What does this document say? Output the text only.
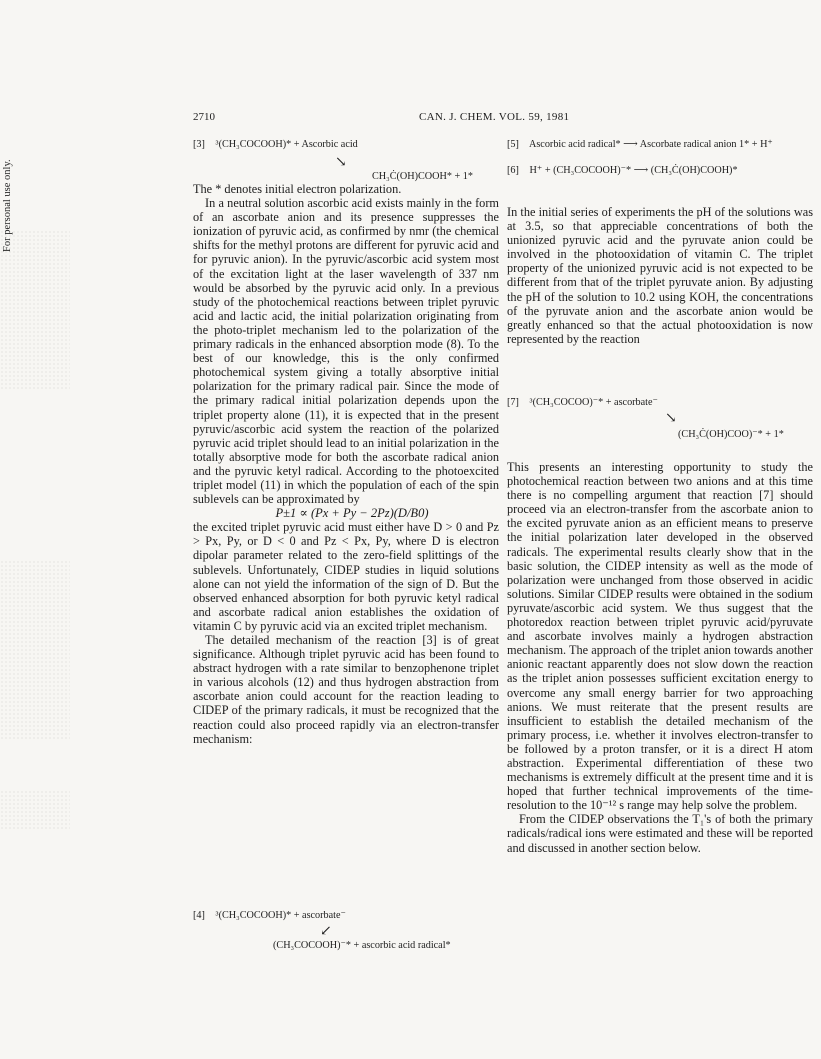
For personal use only.
2710	CAN. J. CHEM. VOL. 59, 1981
[3] ³(CH₃COCOOH)* + Ascorbic acid
↘
CH₃Ċ(OH)COOH* + 1*

The * denotes initial electron polarization.

In a neutral solution ascorbic acid exists mainly in the form of an ascorbate anion and its presence suppresses the ionization of pyruvic acid, as confirmed by nmr (the chemical shifts for the methyl protons are different for pyruvic acid and for pyruvic anion). In the pyruvic/ascorbic acid system most of the excitation light at the laser wavelength of 337 nm would be absorbed by the pyruvic acid only. In a previous study of the photochemical reactions between triplet pyruvic acid and lactic acid, the initial polarization originating from the photo-triplet mechanism led to the polarization of the primary radicals in the enhanced absorption mode (8). To the best of our knowledge, this is the only confirmed photochemical system giving a totally absorptive initial polarization for the primary radical pair. Since the mode of the primary radical initial polarization depends upon the triplet property alone (11), it is expected that in the present pyruvic/ascorbic acid system the reaction of the polarized pyruvic acid triplet should lead to an initial polarization in the totally absorptive mode for both the ascorbate radical anion and the pyruvic ketyl radical. According to the photoexcited triplet model (11) in which the population of each of the spin sublevels can be approximated by

P±1 ∝ (Px + Py − 2Pz)(D/B0)

the excited triplet pyruvic acid must either have D > 0 and Pz > Px, Py, or D < 0 and Pz < Px, Py, where D is electron dipolar parameter related to the zero-field splittings of the sublevels. Unfortunately, CIDEP studies in liquid solutions alone can not yield the information of the sign of D. But the observed enhanced absorption for both pyruvic ketyl radical and ascorbate radical anion establishes the oxidation of vitamin C by pyruvic acid via an excited triplet mechanism.

The detailed mechanism of the reaction [3] is of great significance. Although triplet pyruvic acid has been found to abstract hydrogen with a rate similar to benzophenone triplet in various alcohols (12) and thus hydrogen abstraction from ascorbate anion could account for the reaction leading to CIDEP of the primary radicals, it must be recognized that the reaction could also proceed rapidly via an electron-transfer mechanism:

[4] ³(CH₃COCOOH)* + ascorbate⁻
↙
(CH₃COCOOH)⁻* + ascorbic acid radical*
[5] Ascorbic acid radical* ⟶ Ascorbate radical anion 1* + H⁺
[6] H⁺ + (CH₃COCOOH)⁻* ⟶ (CH₃Ċ(OH)COOH)*

In the initial series of experiments the pH of the solutions was at 3.5, so that appreciable concentrations of both the unionized pyruvic acid and the pyruvate anion could be involved in the photooxidation of vitamin C. The triplet property of the unionized pyruvic acid is not expected to be different from that of the triplet pyruvate anion. By adjusting the pH of the solution to 10.2 using KOH, the concentrations of the pyruvate anion and the ascorbate anion would be greatly enhanced so that the actual photooxidation is now represented by the reaction

[7] ³(CH₃COCOO)⁻* + ascorbate⁻
↘
(CH₃Ċ(OH)COO)⁻* + 1*

This presents an interesting opportunity to study the photochemical reaction between two anions and at this time there is no compelling argument that reaction [7] should proceed via an electron-transfer from the ascorbate anion to the excited pyruvate anion as an efficient means to preserve the initial polarization later developed in the observed radicals. The experimental results clearly show that in the basic solution, the CIDEP intensity as well as the mode of polarization were unchanged from those observed in acidic solutions. Similar CIDEP results were obtained in the sodium pyruvate/ascorbic acid system. We thus suggest that the photoredox reaction between triplet pyruvic acid/pyruvate and ascorbate involves mainly a hydrogen abstraction mechanism. The approach of the triplet anion towards another anionic reactant apparently does not slow down the reaction as the triplet anion possesses sufficient excitation energy to overcome any small energy barrier for two approaching anions. We must reiterate that the present results are insufficient to establish the detailed mechanism of the primary process, i.e. whether it involves electron-transfer to be followed by a proton transfer, or it is a direct H atom abstraction. Experimental differentiation of these two mechanisms is extremely difficult at the present time and it is hoped that further technical improvements of the time-resolution to the 10⁻¹² s range may help solve the problem.

From the CIDEP observations the T₁'s of both the primary radicals/radical ions were estimated and these will be reported and discussed in another section below.
